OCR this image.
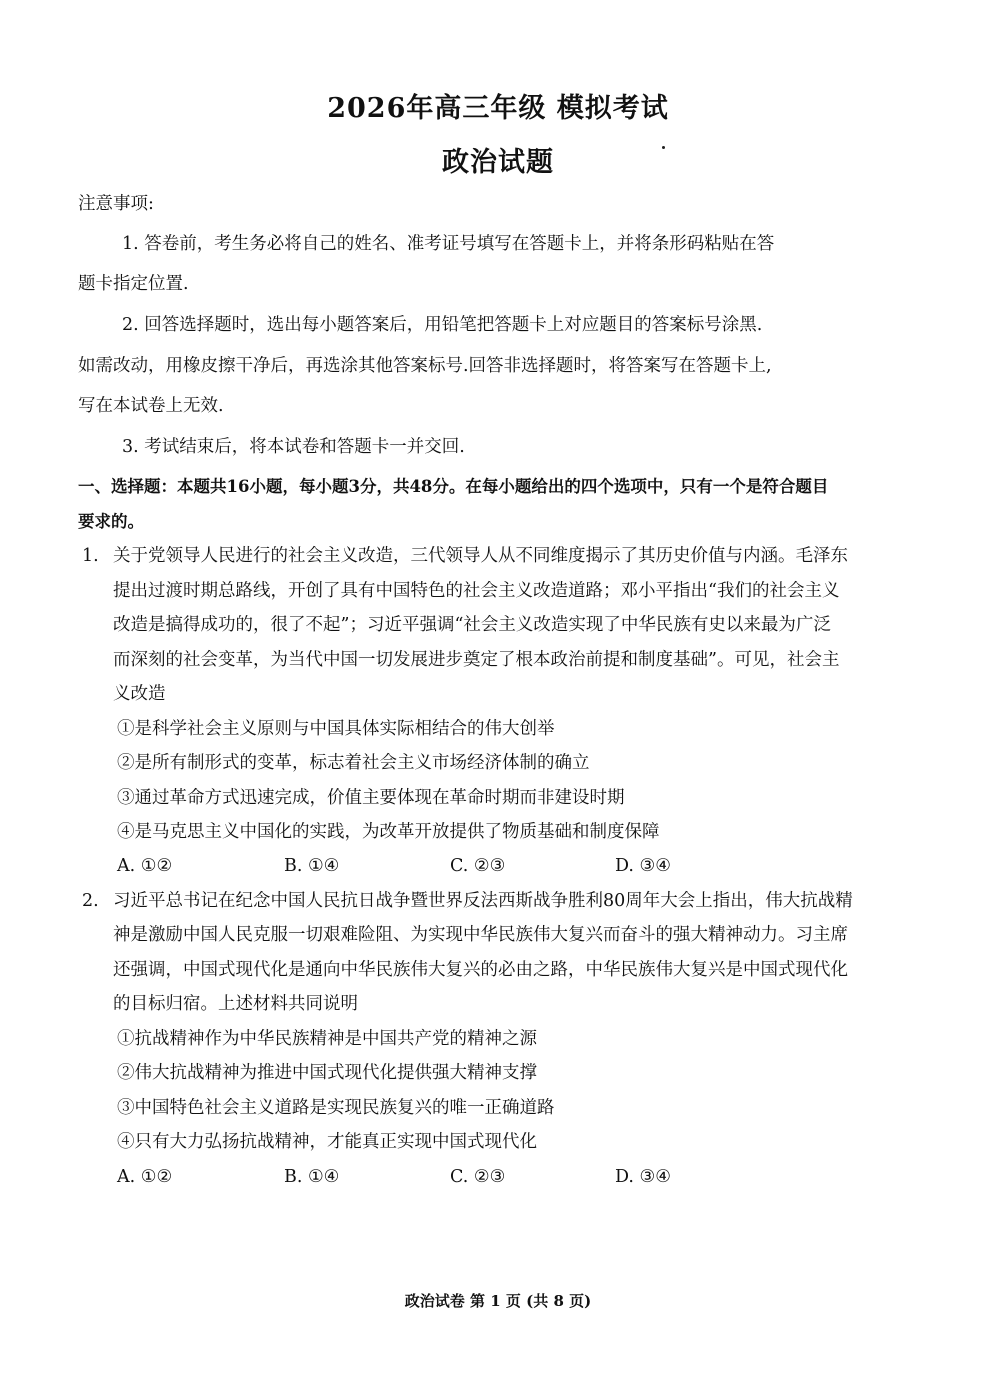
2026年高三年级 模拟考试
政治试题
注意事项:
1. 答卷前，考生务必将自己的姓名、准考证号填写在答题卡上，并将条形码粘贴在答
题卡指定位置.
2. 回答选择题时，选出每小题答案后，用铅笔把答题卡上对应题目的答案标号涂黑.
如需改动，用橡皮擦干净后，再选涂其他答案标号.回答非选择题时，将答案写在答题卡上,
写在本试卷上无效.
3. 考试结束后，将本试卷和答题卡一并交回.
一、选择题：本题共16小题，每小题3分，共48分。在每小题给出的四个选项中，只有一个是符合题目
要求的。
1. 关于党领导人民进行的社会主义改造，三代领导人从不同维度揭示了其历史价值与内涵。毛泽东
提出过渡时期总路线，开创了具有中国特色的社会主义改造道路；邓小平指出“我们的社会主义
改造是搞得成功的，很了不起”；习近平强调“社会主义改造实现了中华民族有史以来最为广泛
而深刻的社会变革，为当代中国一切发展进步奠定了根本政治前提和制度基础”。可见，社会主
义改造
①是科学社会主义原则与中国具体实际相结合的伟大创举
②是所有制形式的变革，标志着社会主义市场经济体制的确立
③通过革命方式迅速完成，价值主要体现在革命时期而非建设时期
④是马克思主义中国化的实践，为改革开放提供了物质基础和制度保障
A. ①②	B. ①④	C. ②③	D. ③④
2. 习近平总书记在纪念中国人民抗日战争暨世界反法西斯战争胜利80周年大会上指出，伟大抗战精
神是激励中国人民克服一切艰难险阻、为实现中华民族伟大复兴而奋斗的强大精神动力。习主席
还强调，中国式现代化是通向中华民族伟大复兴的必由之路，中华民族伟大复兴是中国式现代化
的目标归宿。上述材料共同说明
①抗战精神作为中华民族精神是中国共产党的精神之源
②伟大抗战精神为推进中国式现代化提供强大精神支撑
③中国特色社会主义道路是实现民族复兴的唯一正确道路
④只有大力弘扬抗战精神，才能真正实现中国式现代化
A. ①②	B. ①④	C. ②③	D. ③④
政治试卷 第 1 页 (共 8 页)
